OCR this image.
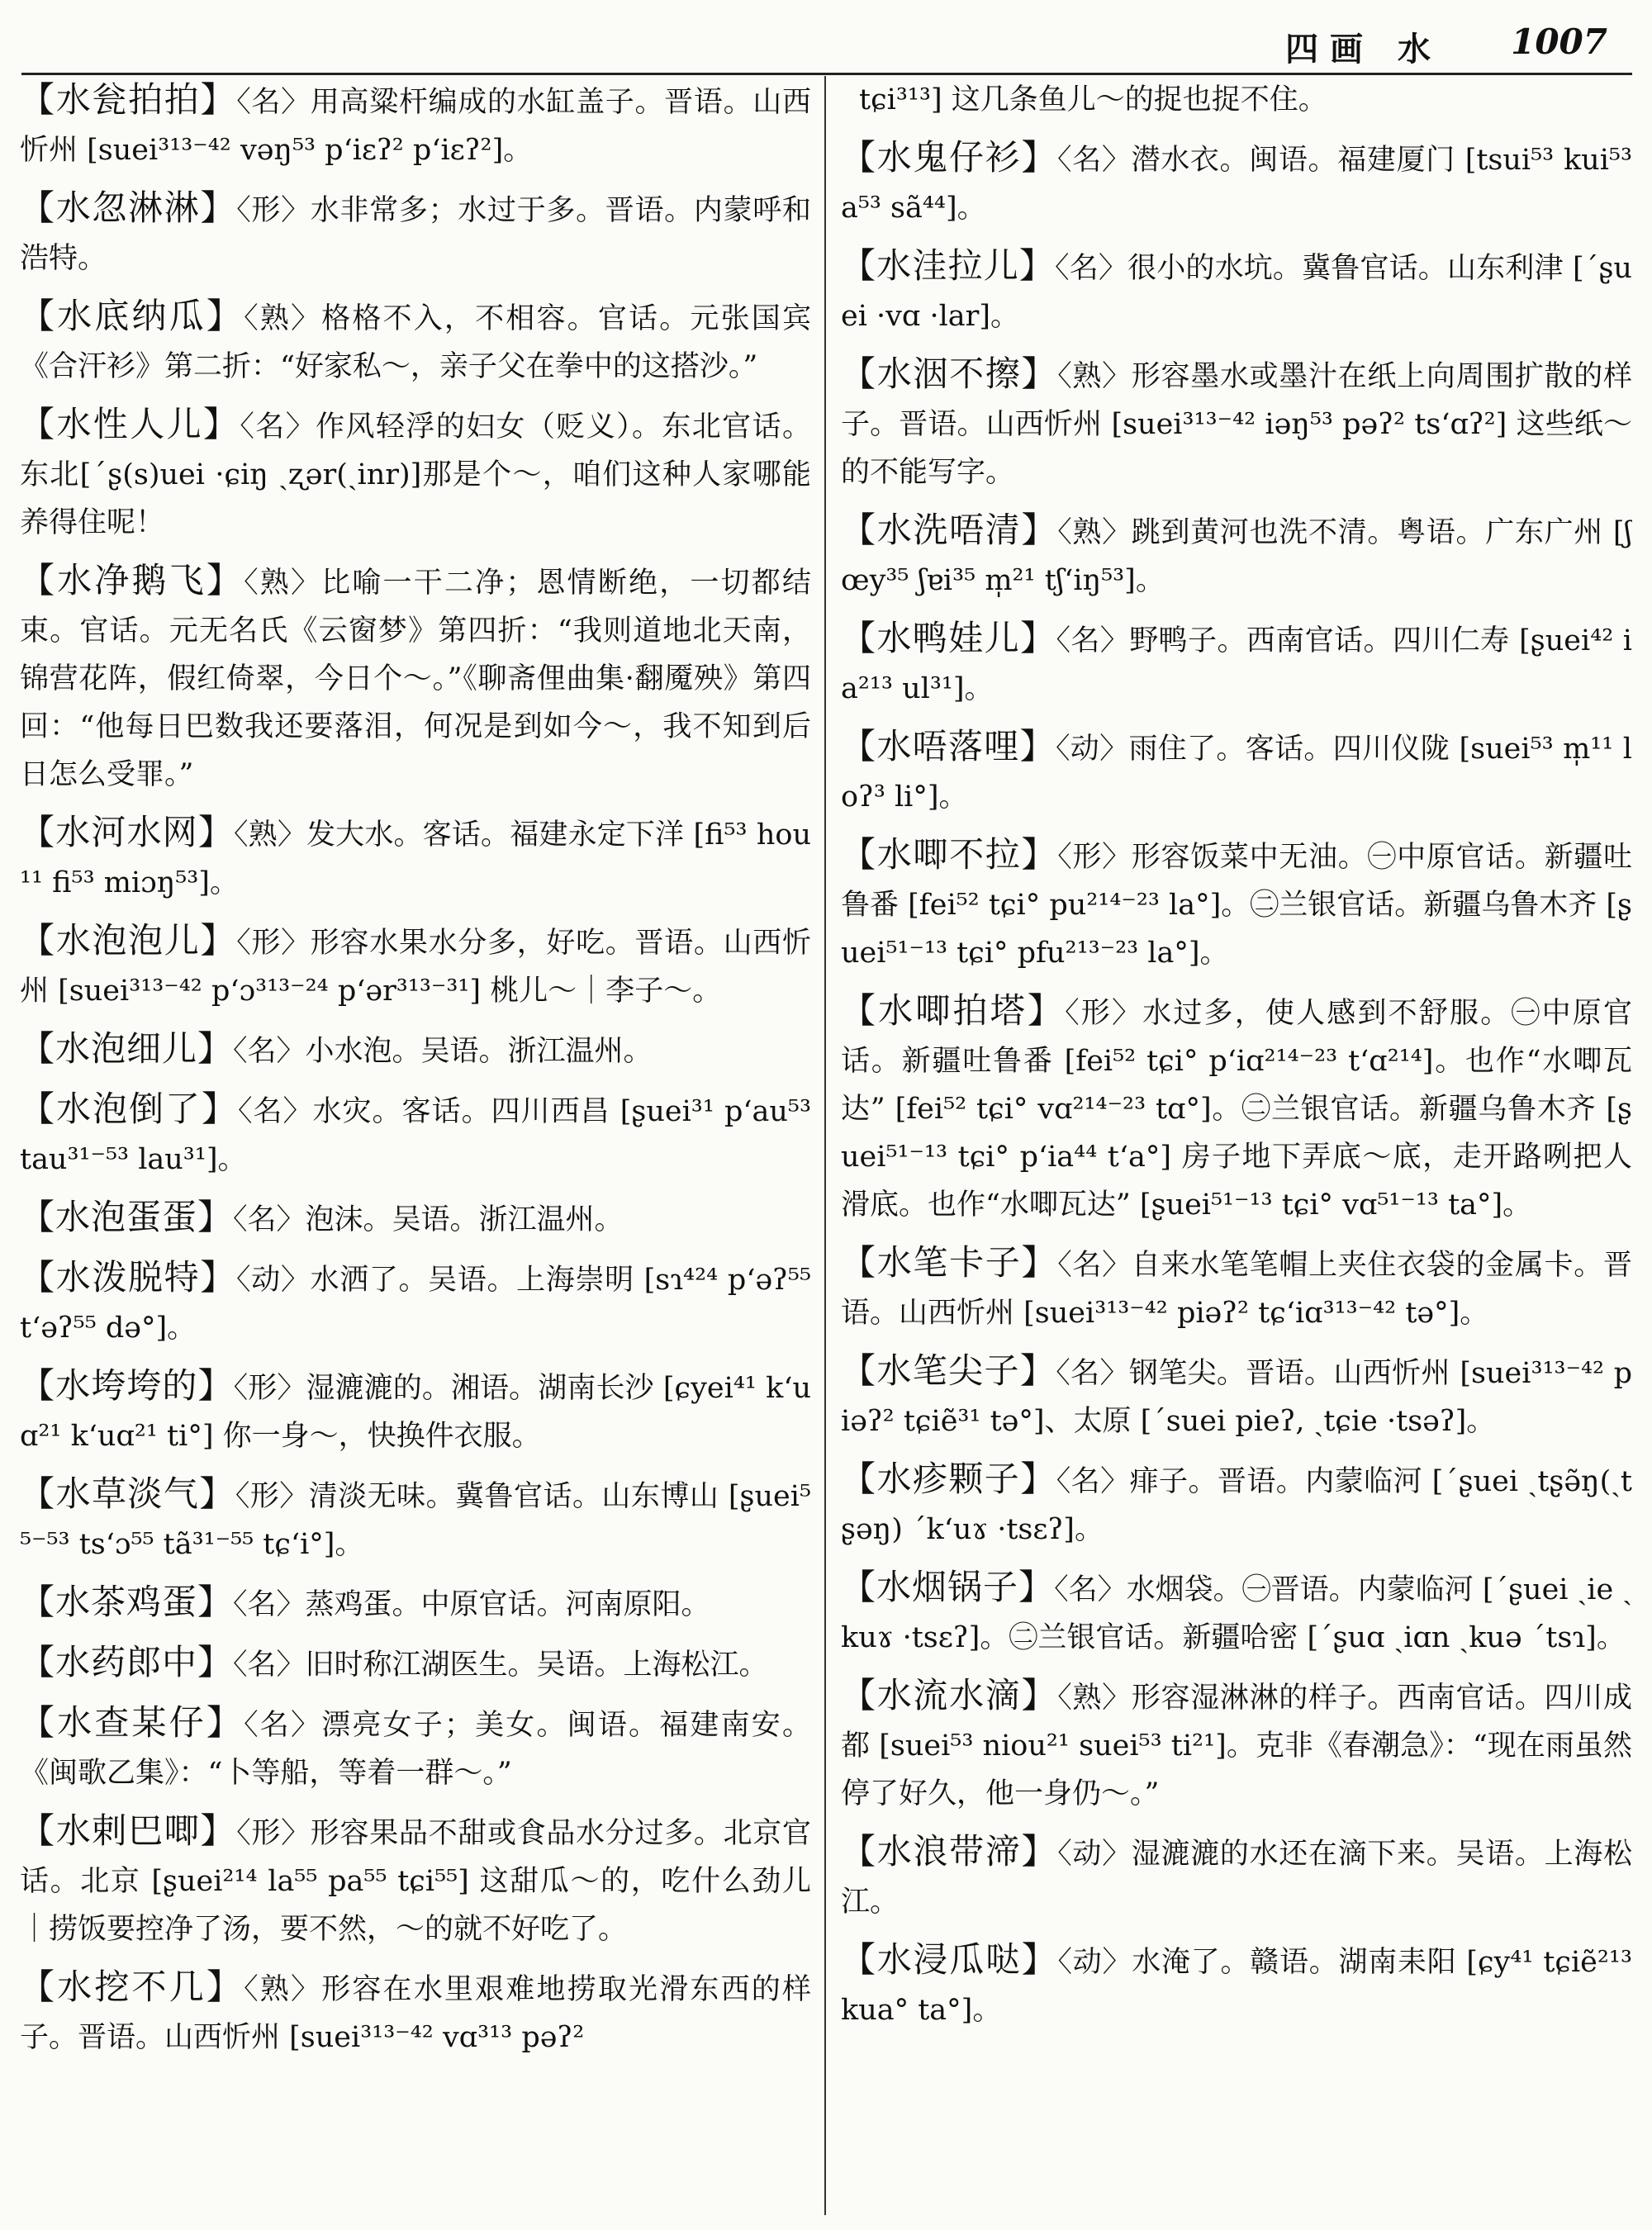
四画 水 1007

【水瓮拍拍】〈名〉用高粱杆编成的水缸盖子。晋语。山西忻州 [suei³¹³⁻⁴² vəŋ⁵³ pʻiɛʔ² pʻiɛʔ²]。

【水忽淋淋】〈形〉水非常多；水过于多。晋语。内蒙呼和浩特。

【水底纳瓜】〈熟〉格格不入，不相容。官话。元张国宾《合汗衫》第二折：“好家私～，亲子父在拳中的这搭沙。”

【水性人儿】〈名〉作风轻浮的妇女（贬义）。东北官话。东北[ˊʂ(s)uei ·ɕiŋ ˏʐər(ˏinr)]那是个～，咱们这种人家哪能养得住呢！

【水净鹅飞】〈熟〉比喻一干二净；恩情断绝，一切都结束。官话。元无名氏《云窗梦》第四折：“我则道地北天南，锦营花阵，假红倚翠，今日个～。”《聊斋俚曲集·翻魇殃》第四回：“他每日巴数我还要落泪，何况是到如今～，我不知到后日怎么受罪。”

【水河水网】〈熟〉发大水。客话。福建永定下洋 [fi⁵³ hou¹¹ fi⁵³ miɔŋ⁵³]。

【水泡泡儿】〈形〉形容水果水分多，好吃。晋语。山西忻州 [suei³¹³⁻⁴² pʻɔ³¹³⁻²⁴ pʻər³¹³⁻³¹] 桃儿～｜李子～。

【水泡细儿】〈名〉小水泡。吴语。浙江温州。

【水泡倒了】〈名〉水灾。客话。四川西昌 [ʂuei³¹ pʻau⁵³ tau³¹⁻⁵³ lau³¹]。

【水泡蛋蛋】〈名〉泡沫。吴语。浙江温州。

【水泼脱特】〈动〉水洒了。吴语。上海崇明 [sɿ⁴²⁴ pʻəʔ⁵⁵ tʻəʔ⁵⁵ də°]。

【水垮垮的】〈形〉湿漉漉的。湘语。湖南长沙 [ɕyei⁴¹ kʻuɑ²¹ kʻuɑ²¹ ti°] 你一身～，快换件衣服。

【水草淡气】〈形〉清淡无味。冀鲁官话。山东博山 [ʂuei⁵⁵⁻⁵³ tsʻɔ⁵⁵ tã³¹⁻⁵⁵ tɕʻi°]。

【水茶鸡蛋】〈名〉蒸鸡蛋。中原官话。河南原阳。

【水药郎中】〈名〉旧时称江湖医生。吴语。上海松江。

【水查某仔】〈名〉漂亮女子；美女。闽语。福建南安。《闽歌乙集》：“卜等船，等着一群～。”

【水剌巴唧】〈形〉形容果品不甜或食品水分过多。北京官话。北京 [ʂuei²¹⁴ la⁵⁵ pa⁵⁵ tɕi⁵⁵] 这甜瓜～的，吃什么劲儿｜捞饭要控净了汤，要不然，～的就不好吃了。

【水挖不几】〈熟〉形容在水里艰难地捞取光滑东西的样子。晋语。山西忻州 [suei³¹³⁻⁴² vɑ³¹³ pəʔ²

tɕi³¹³] 这几条鱼儿～的捉也捉不住。

【水鬼仔衫】〈名〉潜水衣。闽语。福建厦门 [tsui⁵³ kui⁵³ a⁵³ sã⁴⁴]。

【水洼拉儿】〈名〉很小的水坑。冀鲁官话。山东利津 [ˊʂuei ·vɑ ·lar]。

【水洇不擦】〈熟〉形容墨水或墨汁在纸上向周围扩散的样子。晋语。山西忻州 [suei³¹³⁻⁴² iəŋ⁵³ pəʔ² tsʻɑʔ²] 这些纸～的不能写字。

【水洗唔清】〈熟〉跳到黄河也洗不清。粤语。广东广州 [ʃœy³⁵ ʃɐi³⁵ m̩²¹ tʃʻiŋ⁵³]。

【水鸭娃儿】〈名〉野鸭子。西南官话。四川仁寿 [ʂuei⁴² ia²¹³ ul³¹]。

【水唔落哩】〈动〉雨住了。客话。四川仪陇 [suei⁵³ m̩¹¹ loʔ³ li°]。

【水唧不拉】〈形〉形容饭菜中无油。㊀中原官话。新疆吐鲁番 [fei⁵² tɕi° pu²¹⁴⁻²³ la°]。㊁兰银官话。新疆乌鲁木齐 [ʂuei⁵¹⁻¹³ tɕi° pfu²¹³⁻²³ la°]。

【水唧拍塔】〈形〉水过多，使人感到不舒服。㊀中原官话。新疆吐鲁番 [fei⁵² tɕi° pʻiɑ²¹⁴⁻²³ tʻɑ²¹⁴]。也作“水唧瓦达” [fei⁵² tɕi° vɑ²¹⁴⁻²³ tɑ°]。㊁兰银官话。新疆乌鲁木齐 [ʂuei⁵¹⁻¹³ tɕi° pʻia⁴⁴ tʻa°] 房子地下弄底～底，走开路咧把人滑底。也作“水唧瓦达” [ʂuei⁵¹⁻¹³ tɕi° vɑ⁵¹⁻¹³ ta°]。

【水笔卡子】〈名〉自来水笔笔帽上夹住衣袋的金属卡。晋语。山西忻州 [suei³¹³⁻⁴² piəʔ² tɕʻiɑ³¹³⁻⁴² tə°]。

【水笔尖子】〈名〉钢笔尖。晋语。山西忻州 [suei³¹³⁻⁴² piəʔ² tɕiẽ³¹ tə°]、太原 [ˊsuei pieʔ, ˏtɕie ·tsəʔ]。

【水疹颗子】〈名〉痱子。晋语。内蒙临河 [ˊʂuei ˏtʂə̃ŋ(ˏtʂəŋ) ˊkʻuɤ ·tsɛʔ]。

【水烟锅子】〈名〉水烟袋。㊀晋语。内蒙临河 [ˊʂuei ˏie ˏkuɤ ·tsɛʔ]。㊁兰银官话。新疆哈密 [ˊʂuɑ ˏiɑn ˏkuə ˊtsɿ]。

【水流水滴】〈熟〉形容湿淋淋的样子。西南官话。四川成都 [suei⁵³ niou²¹ suei⁵³ ti²¹]。克非《春潮急》：“现在雨虽然停了好久，他一身仍～。”

【水浪带渧】〈动〉湿漉漉的水还在滴下来。吴语。上海松江。

【水浸瓜哒】〈动〉水淹了。赣语。湖南耒阳 [ɕy⁴¹ tɕiẽ²¹³ kua° ta°]。
